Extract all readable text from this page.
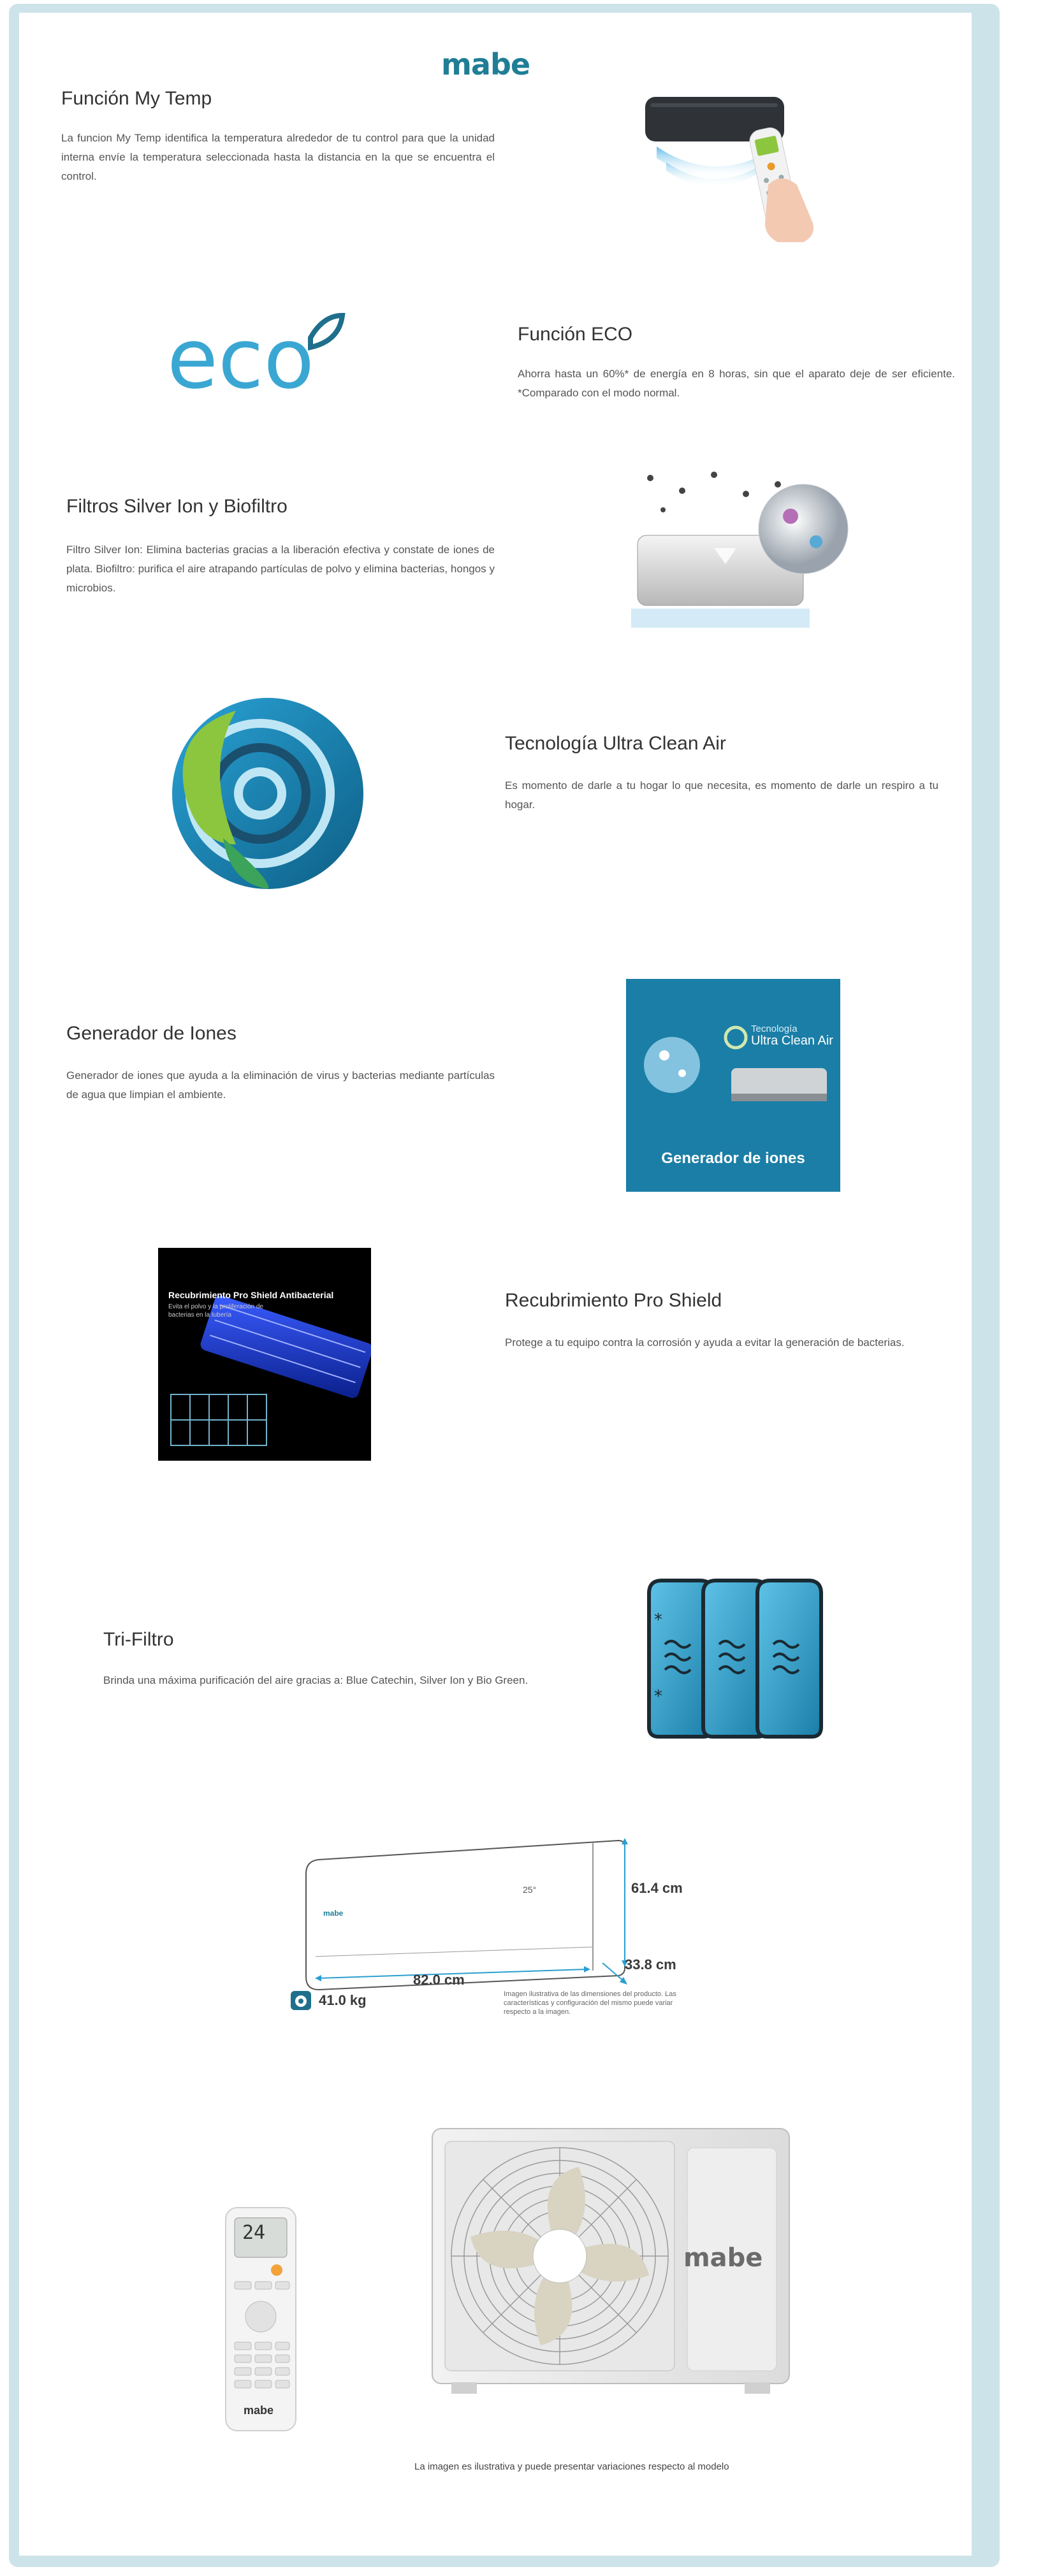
mabe
Función My Temp
La funcion My Temp identifica la temperatura alrededor de tu control para que la unidad interna envíe la temperatura seleccionada hasta la distancia en la que se encuentra el control.
eco	Función ECO
Ahorra hasta un 60%* de energía en 8 horas, sin que el aparato deje de ser eficiente. *Comparado con el modo normal.
Filtros Silver Ion y Biofiltro
Filtro Silver Ion: Elimina bacterias gracias a la liberación efectiva y constate de iones de plata. Biofiltro: purifica el aire atrapando partículas de polvo y elimina bacterias, hongos y microbios.
Tecnología Ultra Clean Air
Es momento de darle a tu hogar lo que necesita, es momento de darle un respiro a tu hogar.
Generador de Iones
Generador de iones que ayuda a la eliminación de virus y bacterias mediante partículas de agua que limpian el ambiente.
Tecnología
Ultra Clean Air
Generador de iones
Recubrimiento Pro Shield Antibacterial
Evita el polvo y la proliferación de bacterias en la tubería
Recubrimiento Pro Shield
Protege a tu equipo contra la corrosión y ayuda a evitar la generación de bacterias.
Tri-Filtro
Brinda una máxima purificación del aire gracias a: Blue Catechin, Silver Ion y Bio Green.
*
*
mabe
25°	61.4 cm
82.0 cm
33.8 cm
41.0 kg	Imagen ilustrativa de las dimensiones del producto. Las características y configuración del mismo puede variar respecto a la imagen.
24
mabe
mabe
La imagen es ilustrativa y puede presentar variaciones respecto al modelo
